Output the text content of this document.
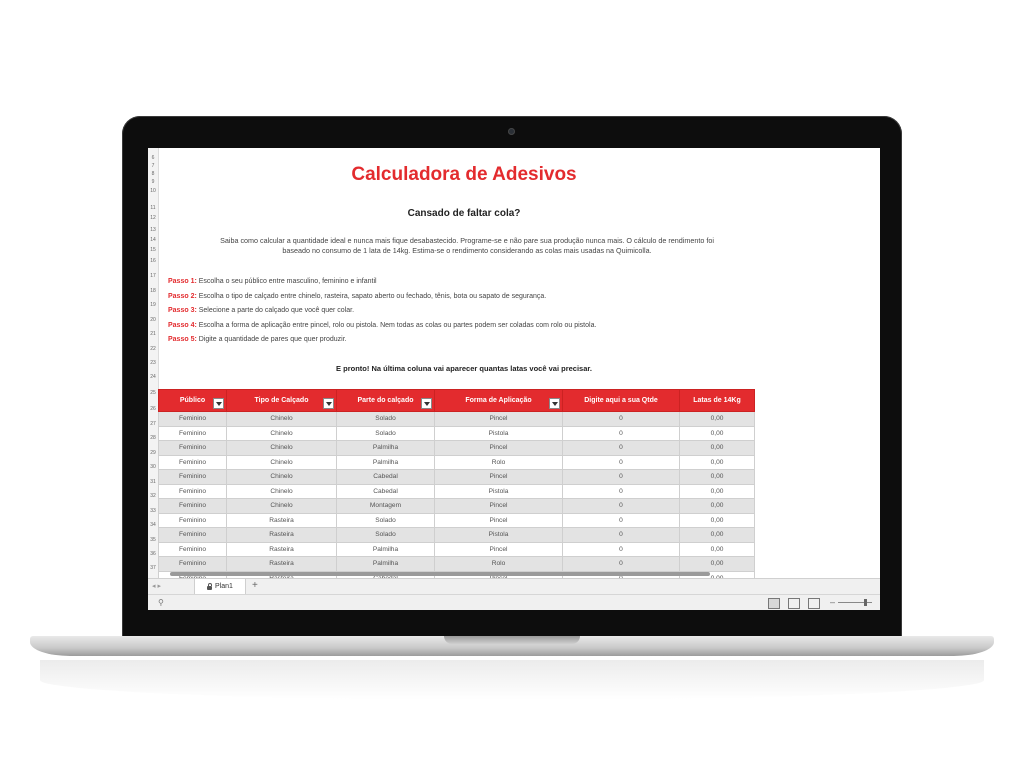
6
7
8
9
10
11
12
13
14
15
16
17
18
19
20
21
22
23
24
25
26
27
28
29
30
31
32
33
34
35
36
37
Calculadora de Adesivos
Cansado de faltar cola?
Saiba como calcular a quantidade ideal e nunca mais fique desabastecido. Programe-se e não pare sua produção nunca mais. O cálculo de rendimento foi
baseado no consumo de 1 lata de 14kg. Estima-se o rendimento considerando as colas mais usadas na Quimicolla.
Passo 1: Escolha o seu público entre masculino, feminino e infantil
Passo 2: Escolha o tipo de calçado entre chinelo, rasteira, sapato aberto ou fechado, tênis, bota ou sapato de segurança.
Passo 3: Selecione a parte do calçado que você quer colar.
Passo 4: Escolha a forma de aplicação entre pincel, rolo ou pistola. Nem todas as colas ou partes podem ser coladas com rolo ou pistola.
Passo 5: Digite a quantidade de pares que quer produzir.
E pronto! Na última coluna vai aparecer quantas latas você vai precisar.
Público	Tipo de Calçado	Parte do calçado	Forma de Aplicação	Digite aqui a sua Qtde	Latas de 14Kg
Feminino	Chinelo	Solado	Pincel	0	0,00
Feminino	Chinelo	Solado	Pistola	0	0,00
Feminino	Chinelo	Palmilha	Pincel	0	0,00
Feminino	Chinelo	Palmilha	Rolo	0	0,00
Feminino	Chinelo	Cabedal	Pincel	0	0,00
Feminino	Chinelo	Cabedal	Pistola	0	0,00
Feminino	Chinelo	Montagem	Pincel	0	0,00
Feminino	Rasteira	Solado	Pincel	0	0,00
Feminino	Rasteira	Solado	Pistola	0	0,00
Feminino	Rasteira	Palmilha	Pincel	0	0,00
Feminino	Rasteira	Palmilha	Rolo	0	0,00

◂ ▸	Plan1 +
⚲	–
